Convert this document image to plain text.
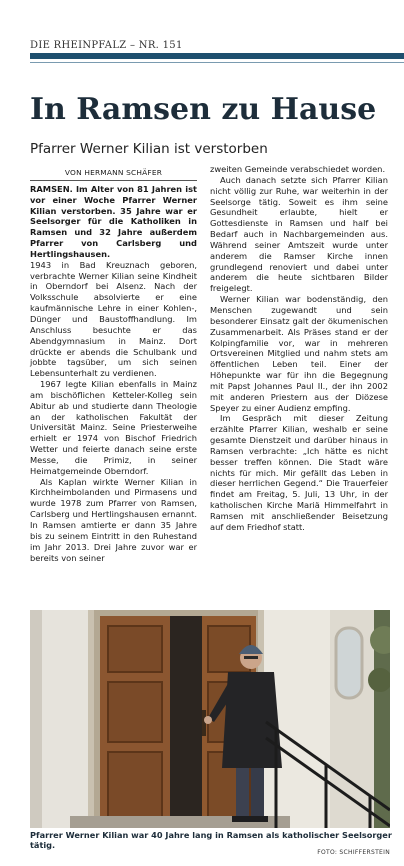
DIE RHEINPFALZ – NR. 151
In Ramsen zu Hause
Pfarrer Werner Kilian ist verstorben
VON HERMANN SCHÄFER

RAMSEN. Im Alter von 81 Jahren ist vor einer Woche Pfarrer Werner Kilian verstorben. 35 Jahre war er Seelsorger für die Katholiken in Ramsen und 32 Jahre außerdem Pfarrer von Carlsberg und Hertlingshausen.

1943 in Bad Kreuznach geboren, verbrachte Werner Kilian seine Kindheit in Oberndorf bei Alsenz. Nach der Volksschule absolvierte er eine kaufmännische Lehre in einer Kohlen-, Dünger und Baustoffhandlung. Im Anschluss besuchte er das Abendgymnasium in Mainz. Dort drückte er abends die Schulbank und jobbte tagsüber, um sich seinen Lebensunterhalt zu verdienen.

1967 legte Kilian ebenfalls in Mainz am bischöflichen Ketteler-Kolleg sein Abitur ab und studierte dann Theologie an der katholischen Fakultät der Universität Mainz. Seine Priesterweihe erhielt er 1974 von Bischof Friedrich Wetter und feierte danach seine erste Messe, die Primiz, in seiner Heimatgemeinde Oberndorf.

Als Kaplan wirkte Werner Kilian in Kirchheimbolanden und Pirmasens und wurde 1978 zum Pfarrer von Ramsen, Carlsberg und Hertlingshausen ernannt. In Ramsen amtierte er dann 35 Jahre bis zu seinem Eintritt in den Ruhestand im Jahr 2013. Drei Jahre zuvor war er bereits von seiner

zweiten Gemeinde verabschiedet worden.

Auch danach setzte sich Pfarrer Kilian nicht völlig zur Ruhe, war weiterhin in der Seelsorge tätig. Soweit es ihm seine Gesundheit erlaubte, hielt er Gottesdienste in Ramsen und half bei Bedarf auch in Nachbargemeinden aus. Während seiner Amtszeit wurde unter anderem die Ramser Kirche innen grundlegend renoviert und dabei unter anderem die heute sichtbaren Bilder freigelegt.

Werner Kilian war bodenständig, den Menschen zugewandt und sein besonderer Einsatz galt der ökumenischen Zusammenarbeit. Als Präses stand er der Kolpingfamilie vor, war in mehreren Ortsvereinen Mitglied und nahm stets am öffentlichen Leben teil. Einer der Höhepunkte war für ihn die Begegnung mit Papst Johannes Paul II., der ihn 2002 mit anderen Priestern aus der Diözese Speyer zu einer Audienz empfing.

Im Gespräch mit dieser Zeitung erzählte Pfarrer Kilian, weshalb er seine gesamte Dienstzeit und darüber hinaus in Ramsen verbrachte: „Ich hätte es nicht besser treffen können. Die Stadt wäre nichts für mich. Mir gefällt das Leben in dieser herrlichen Gegend.“ Die Trauerfeier findet am Freitag, 5. Juli, 13 Uhr, in der katholischen Kirche Mariä Himmelfahrt in Ramsen mit anschließender Beisetzung auf dem Friedhof statt.

Pfarrer Werner Kilian war 40 Jahre lang in Ramsen als katholischer Seelsorger tätig.
FOTO: SCHIFFERSTEIN
